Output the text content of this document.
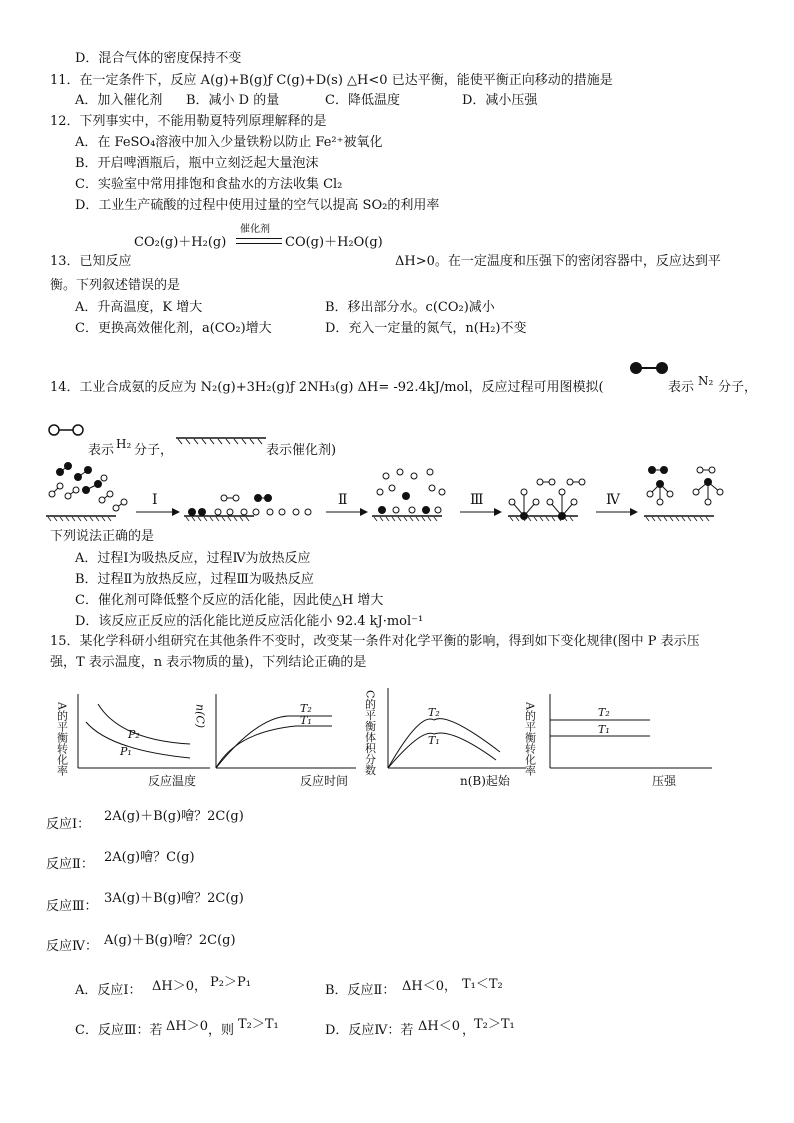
D．混合气体的密度保持不变
11．在一定条件下，反应 A(g)+B(g)ƒ C(g)+D(s) △H<0 已达平衡，能使平衡正向移动的措施是
A．加入催化剂 B．减小 D 的量	C．降低温度	D．减小压强
12．下列事实中，不能用勒夏特列原理解释的是
A．在 FeSO₄溶液中加入少量铁粉以防止 Fe²⁺被氧化
B．开启啤酒瓶后，瓶中立刻泛起大量泡沫
C．实验室中常用排饱和食盐水的方法收集 Cl₂
D．工业生产硫酸的过程中使用过量的空气以提高 SO₂的利用率
CO₂(g)＋H₂(g)
催化剂
CO(g)＋H₂O(g)
13．已知反应	ΔH>0。在一定温度和压强下的密闭容器中，反应达到平
衡。下列叙述错误的是
A．升高温度，K 增大	B．移出部分水。c(CO₂)减小
C．更换高效催化剂，a(CO₂)增大	D．充入一定量的氮气，n(H₂)不变
14．工业合成氨的反应为 N₂(g)+3H₂(g)ƒ 2NH₃(g) ΔH= -92.4kJ/mol，反应过程可用图模拟(	表示 N₂ 分子，
表示 H₂ 分子，	表示催化剂)
Ⅰ	Ⅱ	Ⅲ	Ⅳ
下列说法正确的是
A．过程Ⅰ为吸热反应，过程Ⅳ为放热反应
B．过程Ⅱ为放热反应，过程Ⅲ为吸热反应
C．催化剂可降低整个反应的活化能，因此使△H 增大
D．该反应正反应的活化能比逆反应活化能小 92.4 kJ·mol⁻¹
15．某化学科研小组研究在其他条件不变时，改变某一条件对化学平衡的影响，得到如下变化规律(图中 P 表示压
强，T 表示温度，n 表示物质的量)，下列结论正确的是
P₂
P₁
A的平衡转化率
反应温度
T₂
T₁
n(C)
反应时间
T₂
T₁
C的平衡体积分数
n(B)起始
T₂
T₁
A的平衡转化率
压强
反应Ⅰ：
2A(g)＋B(g)噲？2C(g)
反应Ⅱ： 2A(g)噲？C(g)
反应Ⅲ：
3A(g)＋B(g)噲？2C(g)
反应Ⅳ： A(g)＋B(g)噲？2C(g)
A．反应Ⅰ： ΔH＞0， P₂＞P₁
B．反应Ⅱ： ΔH＜0， T₁＜T₂
C．反应Ⅲ：若 ΔH＞0 ，则 T₂＞T₁	D．反应Ⅳ：若 ΔH＜0 ，
T₂＞T₁
